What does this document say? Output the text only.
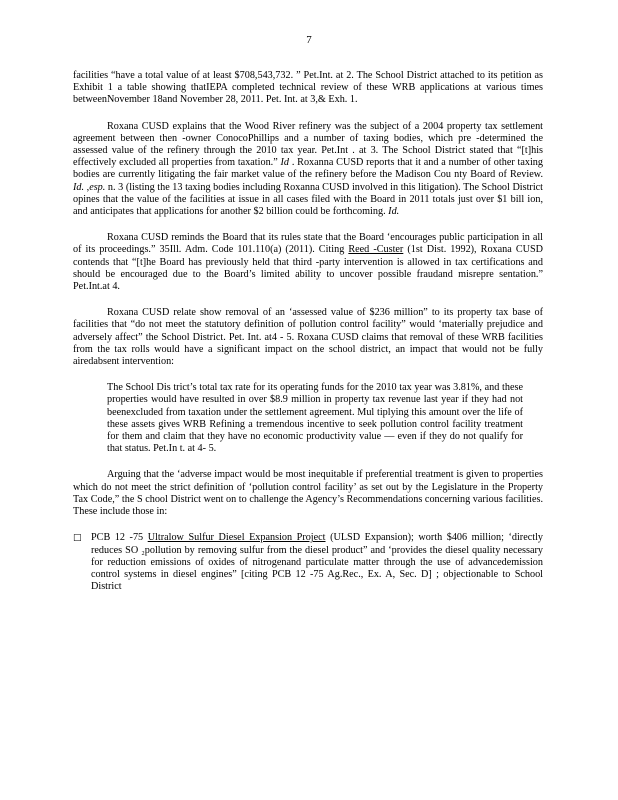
7

facilities “have a total value of at least $708,543,732. ” Pet.Int. at 2. The School District attached to its petition as Exhibit 1 a table showing thatIEPA completed technical review of these WRB applications at various times betweenNovember 18and November 28, 2011. Pet. Int. at 3,& Exh. 1.

Roxana CUSD explains that the Wood River refinery was the subject of a 2004 property tax settlement agreement between then -owner ConocoPhillips and a number of taxing bodies, which pre -determined the assessed value of the refinery through the 2010 tax year. Pet.Int . at 3. The School District stated that “[t]his effectively excluded all properties from taxation.” Id . Roxanna CUSD reports that it and a number of other taxing bodies are currently litigating the fair market value of the refinery before the Madison Cou nty Board of Review. Id. ,esp. n. 3 (listing the 13 taxing bodies including Roxanna CUSD involved in this litigation). The School District opines that the value of the facilities at issue in all cases filed with the Board in 2011 totals just over $1 bill ion, and anticipates that applications for another $2 billion could be forthcoming. Id.

Roxana CUSD reminds the Board that its rules state that the Board ‘encourages public participation in all of its proceedings.” 35Ill. Adm. Code 101.110(a) (2011). Citing Reed -Custer (1st Dist. 1992), Roxana CUSD contends that “[t]he Board has previously held that third -party intervention is allowed in tax certifications and should be encouraged due to the Board’s limited ability to uncover possible fraudand misrepre sentation.” Pet.Int.at 4.

Roxana CUSD relate show removal of an ‘assessed value of $236 million” to its property tax base of facilities that “do not meet the statutory definition of pollution control facility” would ‘materially prejudice and adversely affect” the School District. Pet. Int. at4 - 5. Roxana CUSD claims that removal of these WRB facilities from the tax rolls would have a significant impact on the school district, an impact that would not be fully airedabsent intervention:

The School Dis trict’s total tax rate for its operating funds for the 2010 tax year was 3.81%, and these properties would have resulted in over $8.9 million in property tax revenue last year if they had not beenexcluded from taxation under the settlement agreement. Mul tiplying this amount over the life of these assets gives WRB Refining a tremendous incentive to seek pollution control facility treatment for them and claim that they have no economic productivity value — even if they do not qualify for that status. Pet.In t. at 4- 5.

Arguing that the ‘adverse impact would be most inequitable if preferential treatment is given to properties which do not meet the strict definition of ‘pollution control facility’ as set out by the Legislature in the Property Tax Code,” the S chool District went on to challenge the Agency’s Recommendations concerning various facilities. These include those in:

□ PCB 12 -75 Ultralow Sulfur Diesel Expansion Project (ULSD Expansion); worth $406 million; ‘directly reduces SO ₂pollution by removing sulfur from the diesel product” and ‘provides the diesel quality necessary for reduction emissions of oxides of nitrogenand particulate matter through the use of advancedemission control systems in diesel engines” [citing PCB 12 -75 Ag.Rec., Ex. A, Sec. D] ; objectionable to School District
